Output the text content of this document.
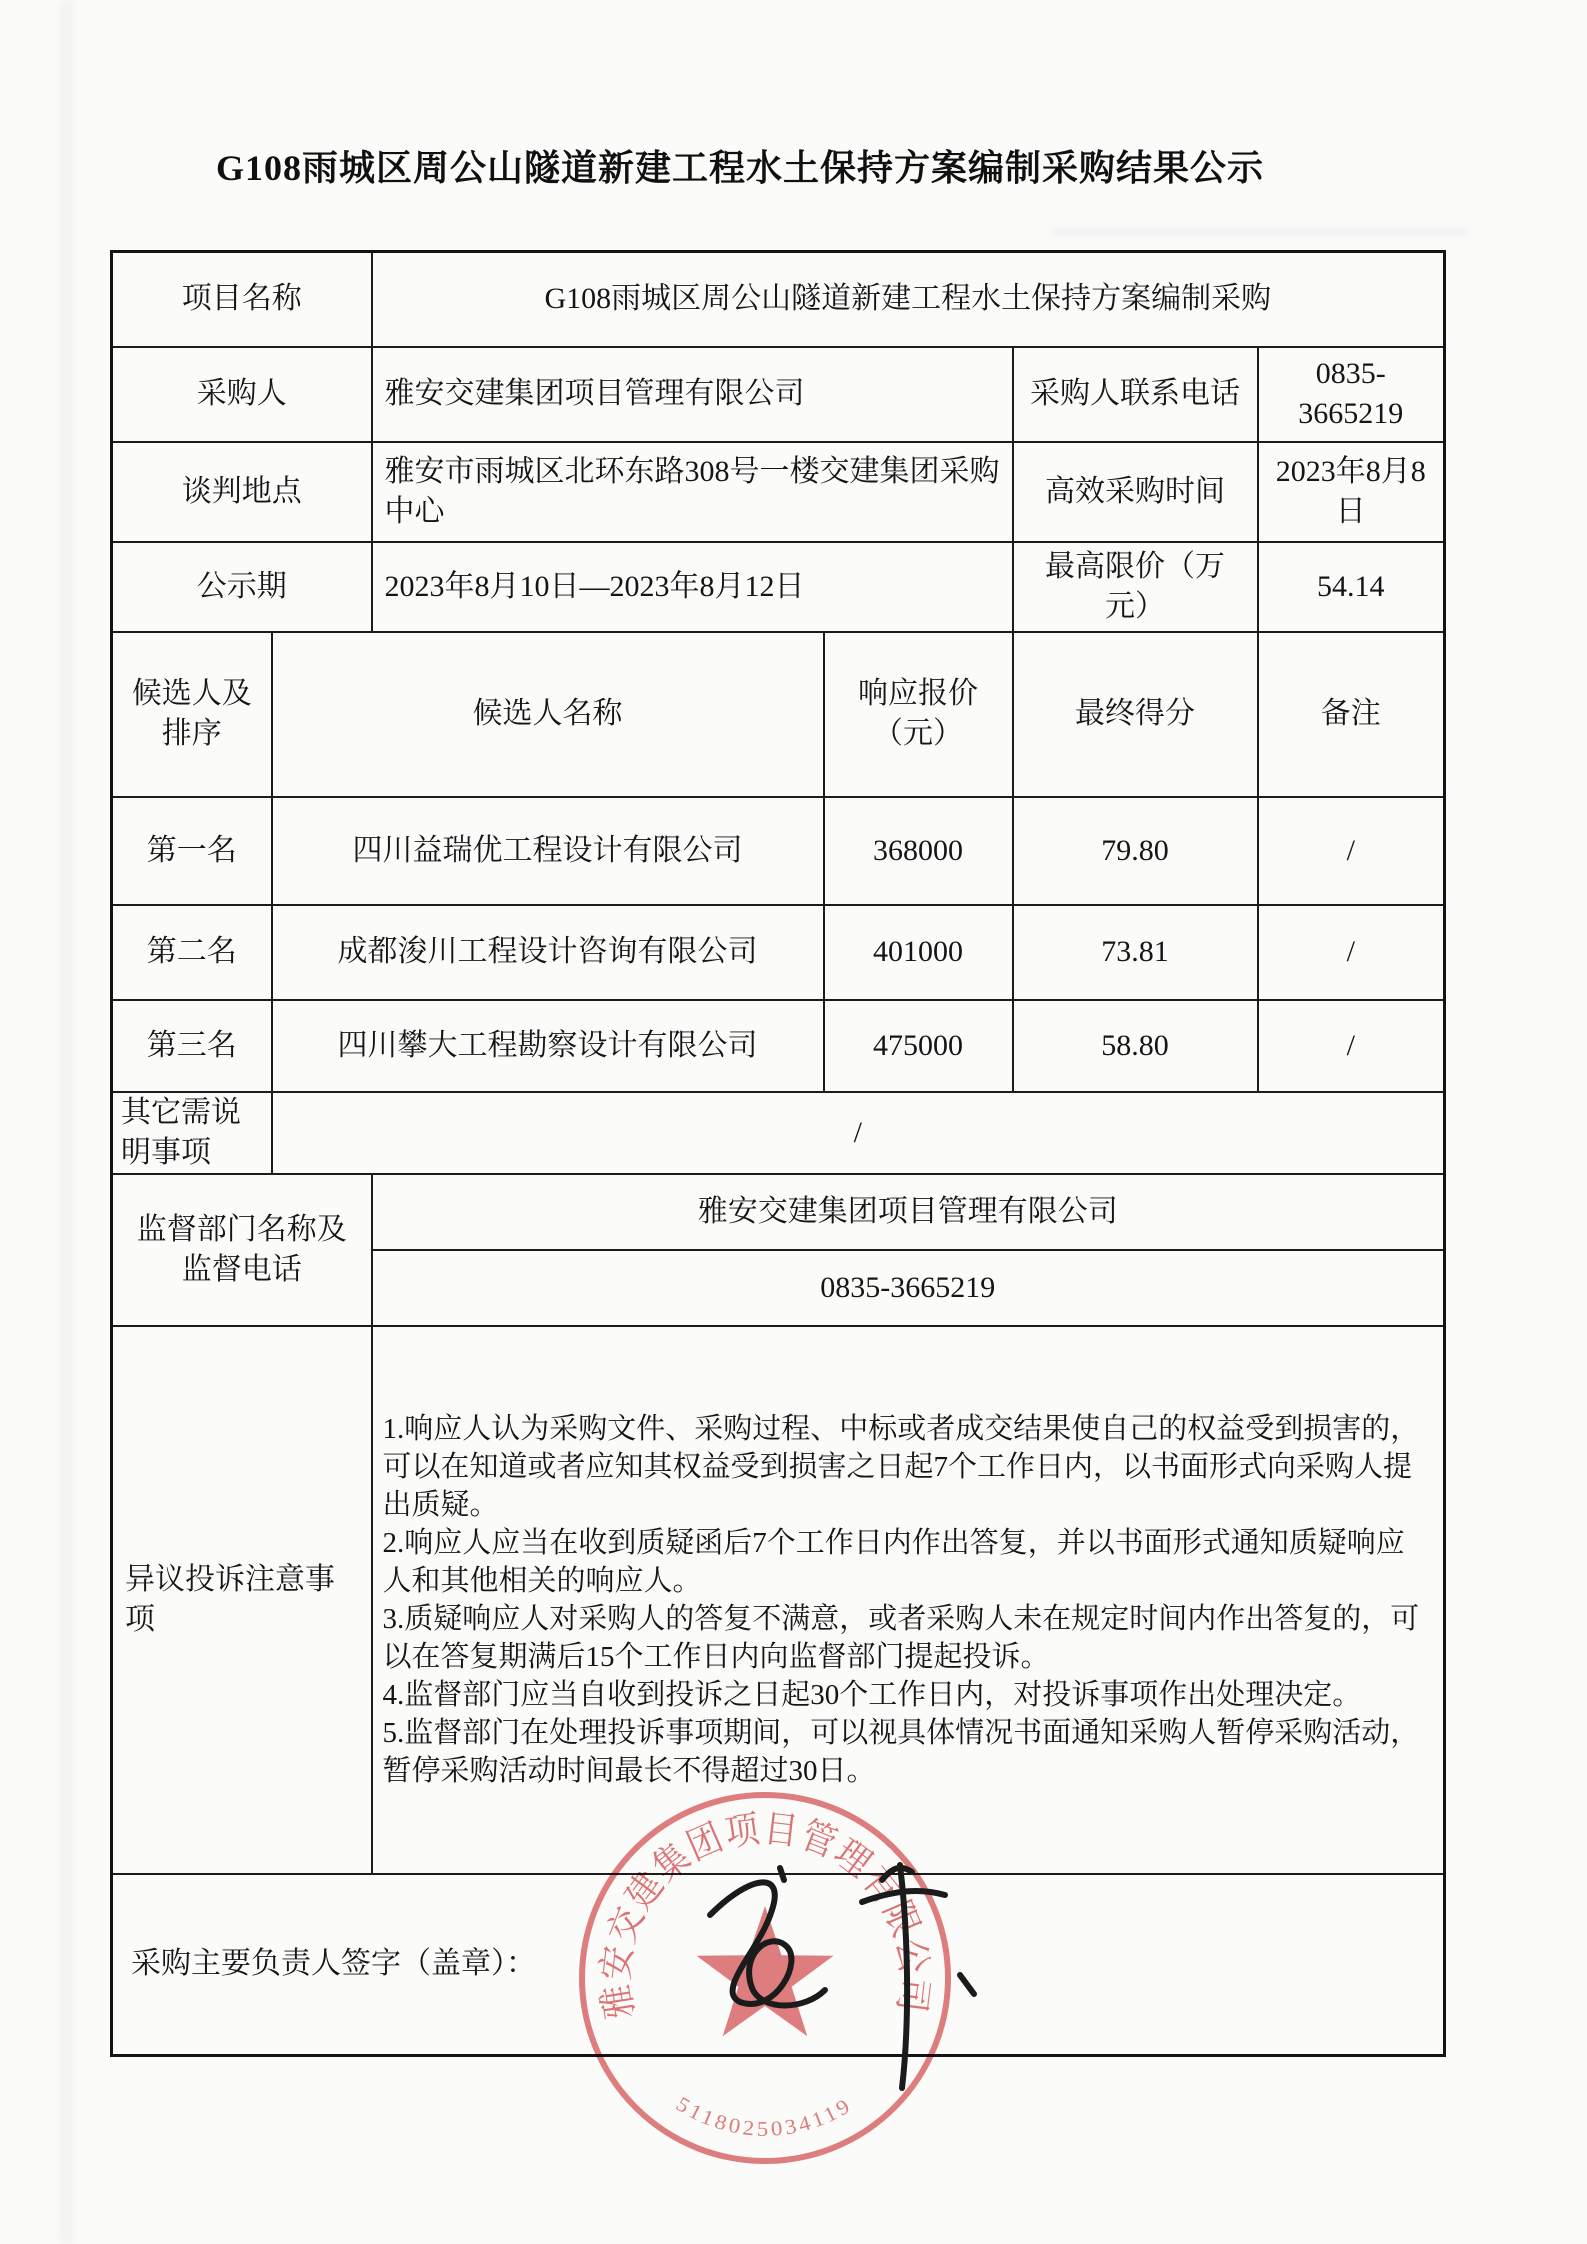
G108雨城区周公山隧道新建工程水土保持方案编制采购结果公示
项目名称		G108雨城区周公山隧道新建工程水土保持方案编制采购			
采购人		雅安交建集团项目管理有限公司		采购人联系电话	0835-3665219
谈判地点		雅安市雨城区北环东路308号一楼交建集团采购中心		高效采购时间	2023年8月8日
公示期		2023年8月10日—2023年8月12日		最高限价（万元）	54.14
候选人及排序	候选人名称		响应报价（元）	最终得分	备注
第一名	四川益瑞优工程设计有限公司		368000	79.80	/
第二名	成都浚川工程设计咨询有限公司		401000	73.81	/
第三名	四川攀大工程勘察设计有限公司		475000	58.80	/
其它需说明事项	/				
监督部门名称及监督电话		雅安交建集团项目管理有限公司			
		0835-3665219			
异议投诉注意事项		1.响应人认为采购文件、采购过程、中标或者成交结果使自己的权益受到损害的，可以在知道或者应知其权益受到损害之日起7个工作日内，以书面形式向采购人提出质疑。
2.响应人应当在收到质疑函后7个工作日内作出答复，并以书面形式通知质疑响应人和其他相关的响应人。
3.质疑响应人对采购人的答复不满意，或者采购人未在规定时间内作出答复的，可以在答复期满后15个工作日内向监督部门提起投诉。
4.监督部门应当自收到投诉之日起30个工作日内，对投诉事项作出处理决定。
5.监督部门在处理投诉事项期间，可以视具体情况书面通知采购人暂停采购活动，暂停采购活动时间最长不得超过30日。			

采购主要负责人签字（盖章）：					
雅安交建集团项目管理有限公司
5118025034119
